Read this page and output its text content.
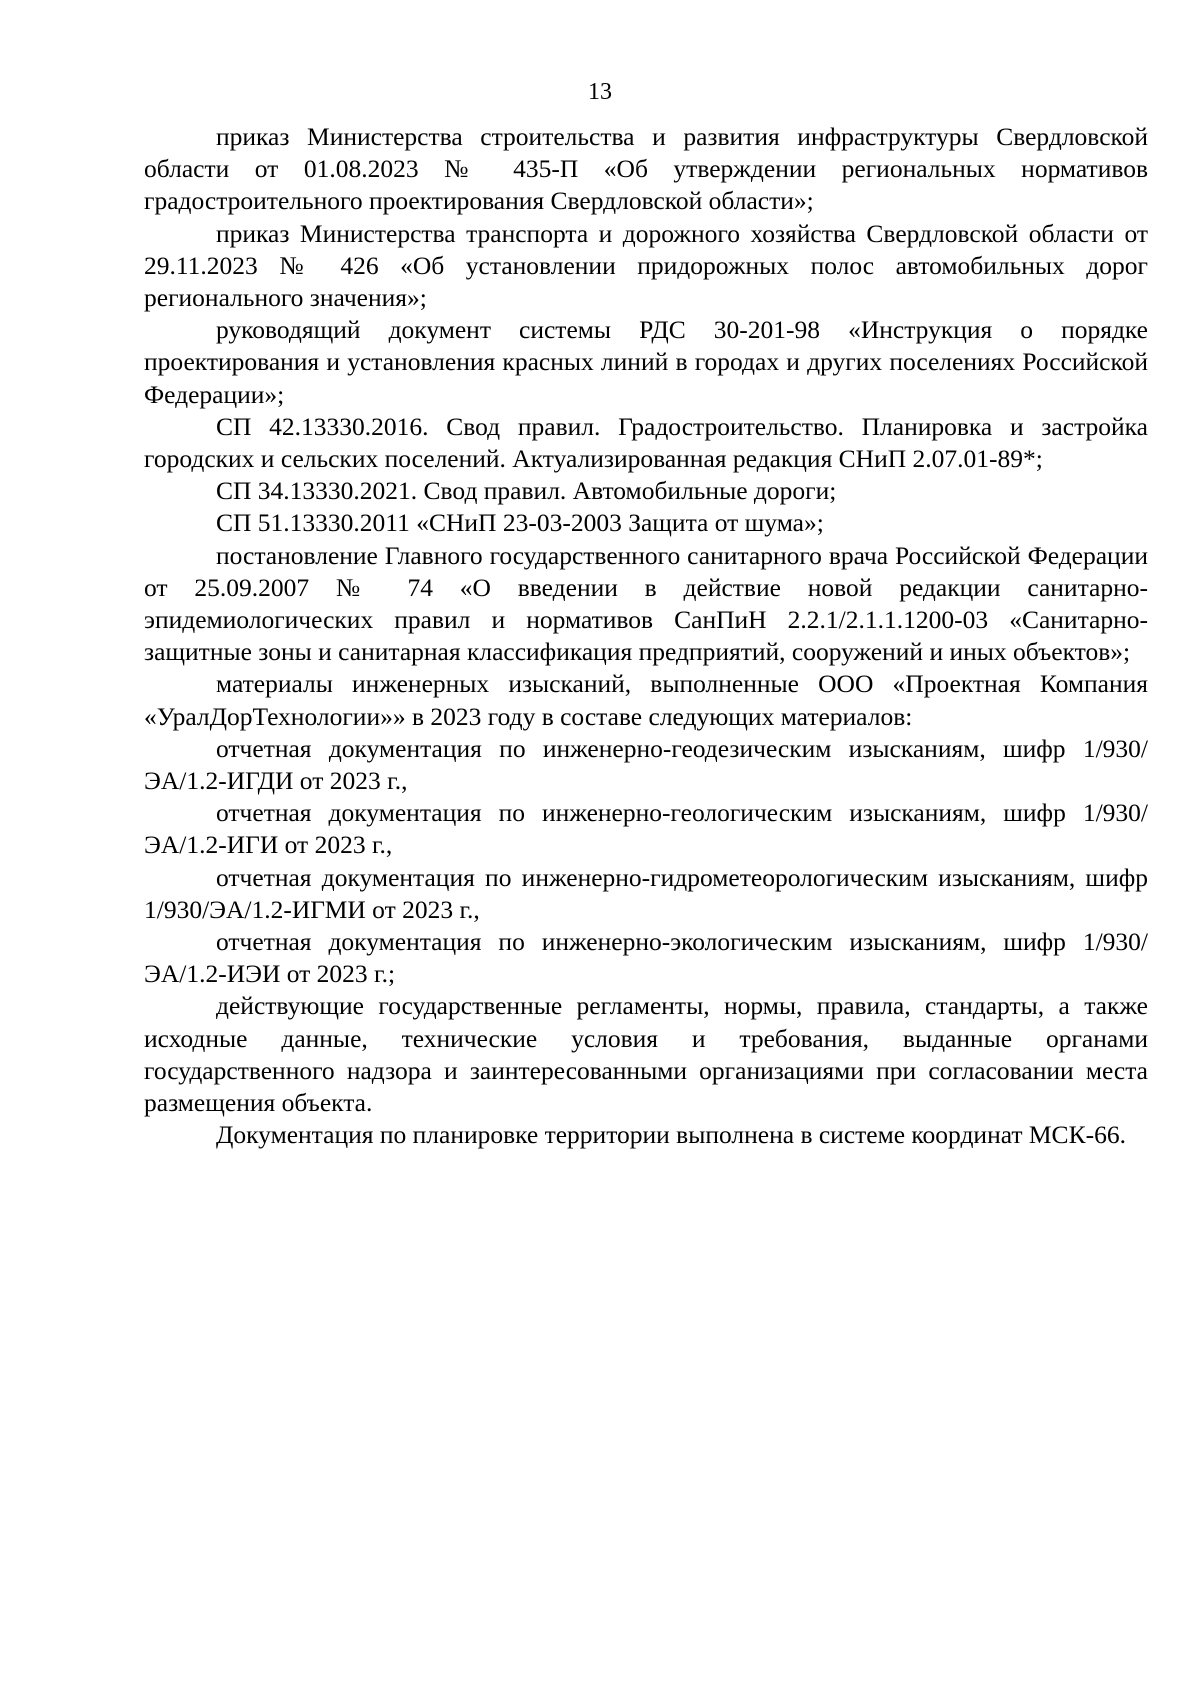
13

приказ Министерства строительства и развития инфраструктуры Свердловской области от 01.08.2023 № 435-П «Об утверждении региональных нормативов градостроительного проектирования Свердловской области»;

приказ Министерства транспорта и дорожного хозяйства Свердловской области от 29.11.2023 № 426 «Об установлении придорожных полос автомобильных дорог регионального значения»;

руководящий документ системы РДС 30-201-98 «Инструкция о порядке проектирования и установления красных линий в городах и других поселениях Российской Федерации»;

СП 42.13330.2016. Свод правил. Градостроительство. Планировка и застройка городских и сельских поселений. Актуализированная редакция СНиП 2.07.01-89*;

СП 34.13330.2021. Свод правил. Автомобильные дороги;

СП 51.13330.2011 «СНиП 23-03-2003 Защита от шума»;

постановление Главного государственного санитарного врача Российской Федерации от 25.09.2007 № 74 «О введении в действие новой редакции санитарно-эпидемиологических правил и нормативов СанПиН 2.2.1/2.1.1.1200-03 «Санитарно-защитные зоны и санитарная классификация предприятий, сооружений и иных объектов»;

материалы инженерных изысканий, выполненные ООО «Проектная Компания «УралДорТехнологии»» в 2023 году в составе следующих материалов:

отчетная документация по инженерно-геодезическим изысканиям, шифр 1/930/ЭА/1.2-ИГДИ от 2023 г.,

отчетная документация по инженерно-геологическим изысканиям, шифр 1/930/ЭА/1.2-ИГИ от 2023 г.,

отчетная документация по инженерно-гидрометеорологическим изысканиям, шифр 1/930/ЭА/1.2-ИГМИ от 2023 г.,

отчетная документация по инженерно-экологическим изысканиям, шифр 1/930/ЭА/1.2-ИЭИ от 2023 г.;

действующие государственные регламенты, нормы, правила, стандарты, а также исходные данные, технические условия и требования, выданные органами государственного надзора и заинтересованными организациями при согласовании места размещения объекта.

Документация по планировке территории выполнена в системе координат МСК-66.
